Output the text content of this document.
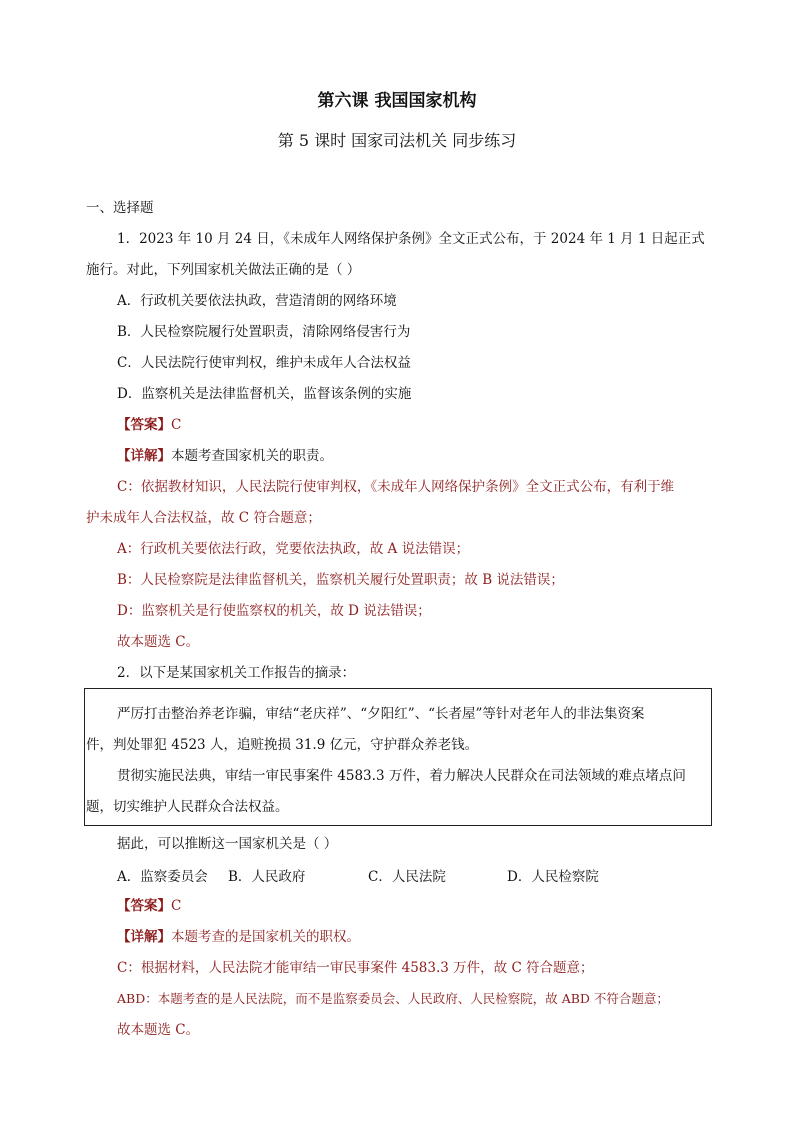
第六课 我国国家机构
第 5 课时 国家司法机关 同步练习
一、选择题
1．2023 年 10 月 24 日，《未成年人网络保护条例》全文正式公布，于 2024 年 1 月 1 日起正式
施行。对此，下列国家机关做法正确的是（ ）
A．行政机关要依法执政，营造清朗的网络环境
B．人民检察院履行处置职责，清除网络侵害行为
C．人民法院行使审判权，维护未成年人合法权益
D．监察机关是法律监督机关，监督该条例的实施
【答案】C
【详解】本题考查国家机关的职责。
C：依据教材知识，人民法院行使审判权，《未成年人网络保护条例》全文正式公布，有利于维
护未成年人合法权益，故 C 符合题意；
A：行政机关要依法行政，党要依法执政，故 A 说法错误；
B：人民检察院是法律监督机关，监察机关履行处置职责；故 B 说法错误；
D：监察机关是行使监察权的机关，故 D 说法错误；
故本题选 C。
2．以下是某国家机关工作报告的摘录：
严厉打击整治养老诈骗，审结“老庆祥”、“夕阳红”、“长者屋”等针对老年人的非法集资案
件，判处罪犯 4523 人，追赃挽损 31.9 亿元，守护群众养老钱。
贯彻实施民法典，审结一审民事案件 4583.3 万件，着力解决人民群众在司法领域的难点堵点问
题，切实维护人民群众合法权益。
据此，可以推断这一国家机关是（ ）
A．监察委员会 B．人民政府	C．人民法院	D．人民检察院
【答案】C
【详解】本题考查的是国家机关的职权。
C：根据材料，人民法院才能审结一审民事案件 4583.3 万件，故 C 符合题意；
ABD：本题考查的是人民法院，而不是监察委员会、人民政府、人民检察院，故 ABD 不符合题意；
故本题选 C。
